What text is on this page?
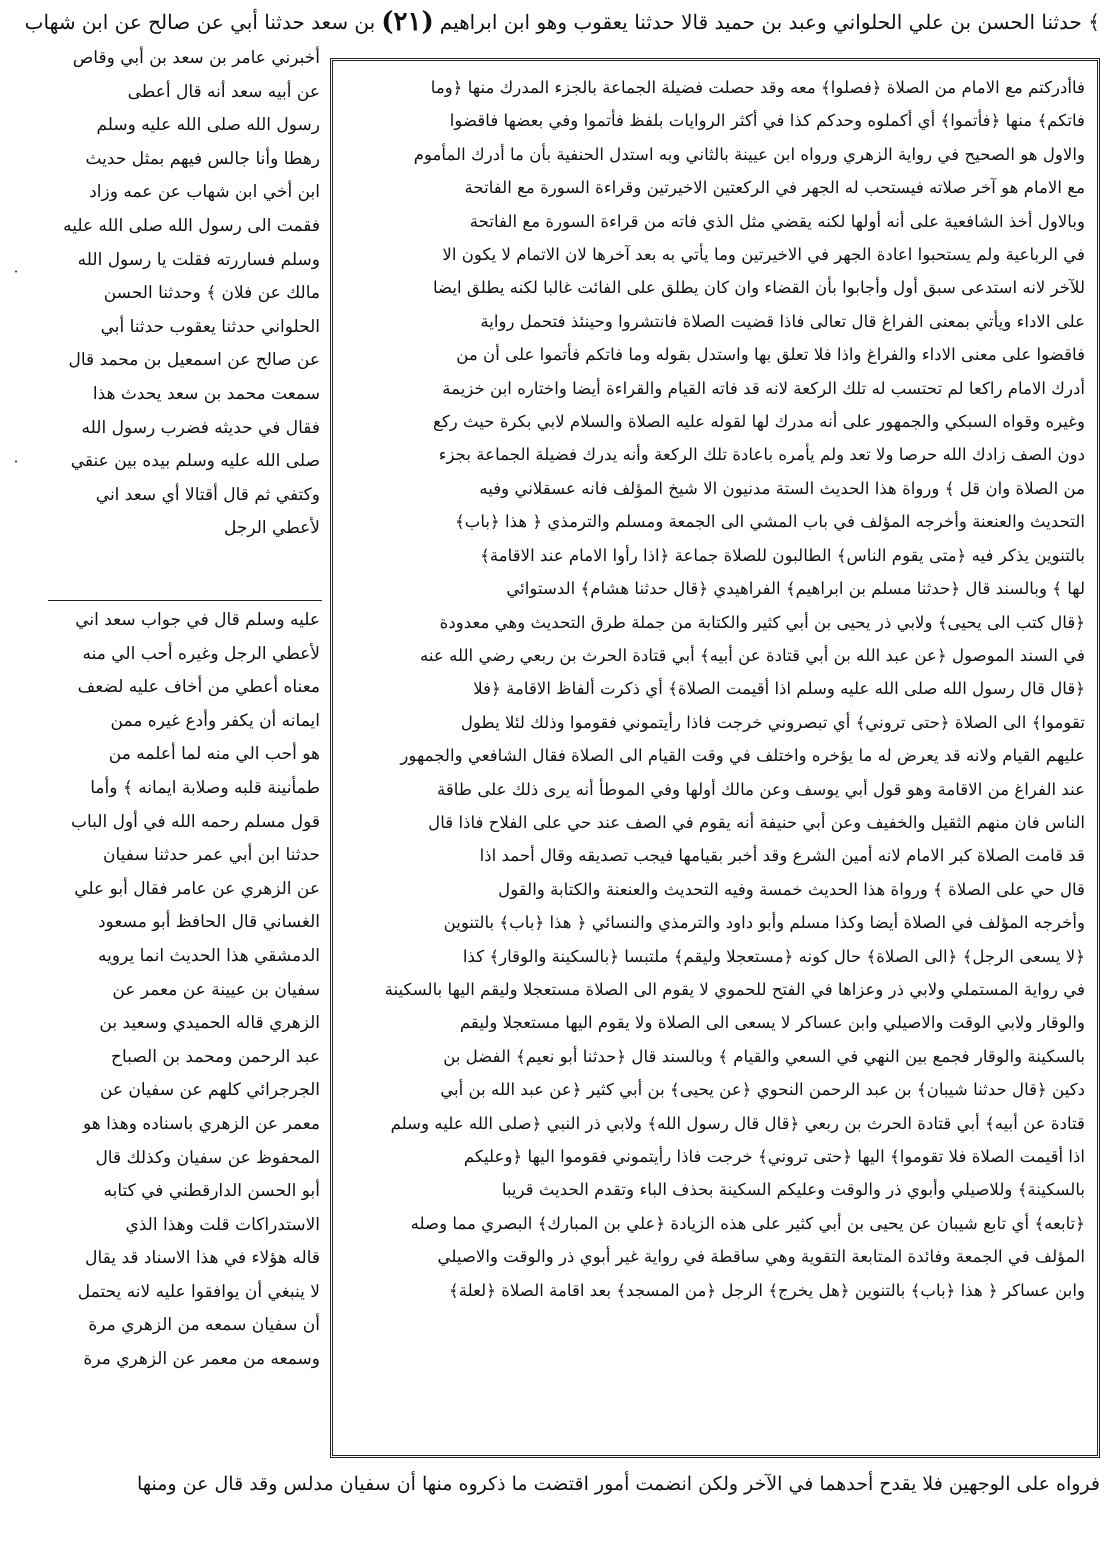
﴾ حدثنا الحسن بن علي الحلواني وعبد بن حميد قالا حدثنا يعقوب وهو ابن ابراهيم
(٢١)
بن سعد حدثنا أبي عن صالح عن ابن شهاب

أخبرني عامر بن سعد بن أبي وقاص

عن أبيه سعد أنه قال أعطى

رسول الله صلى الله عليه وسلم

رهطا وأنا جالس فيهم بمثل حديث

ابن أخي ابن شهاب عن عمه وزاد

فقمت الى رسول الله صلى الله عليه

وسلم فساررته فقلت يا رسول الله

مالك عن فلان ﴾ وحدثنا الحسن

الحلواني حدثنا يعقوب حدثنا أبي

عن صالح عن اسمعيل بن محمد قال

سمعت محمد بن سعد يحدث هذا

فقال في حديثه فضرب رسول الله

صلى الله عليه وسلم بيده بين عنقي

وكتفي ثم قال أقتالا أي سعد اني

لأعطي الرجل

عليه وسلم قال في جواب سعد اني

لأعطي الرجل وغيره أحب الي منه

معناه أعطي من أخاف عليه لضعف

ايمانه أن يكفر وأدع غيره ممن

هو أحب الي منه لما أعلمه من

طمأنينة قلبه وصلابة ايمانه ﴾ وأما

قول مسلم رحمه الله في أول الباب

حدثنا ابن أبي عمر حدثنا سفيان

عن الزهري عن عامر فقال أبو علي

الغساني قال الحافظ أبو مسعود

الدمشقي هذا الحديث انما يرويه

سفيان بن عيينة عن معمر عن

الزهري قاله الحميدي وسعيد بن

عبد الرحمن ومحمد بن الصباح

الجرجرائي كلهم عن سفيان عن

معمر عن الزهري باسناده وهذا هو

المحفوظ عن سفيان وكذلك قال

أبو الحسن الدارقطني في كتابه

الاستدراكات قلت وهذا الذي

قاله هؤلاء في هذا الاسناد قد يقال

لا ينبغي أن يوافقوا عليه لانه يحتمل

أن سفيان سمعه من الزهري مرة

وسمعه من معمر عن الزهري مرة

فاأدركتم مع الامام من الصلاة ﴿فصلوا﴾ معه وقد حصلت فضيلة الجماعة بالجزء المدرك منها ﴿وما

فاتكم﴾ منها ﴿فأتموا﴾ أي أكملوه وحدكم كذا في أكثر الروايات بلفظ فأتموا وفي بعضها فاقضوا

والاول هو الصحيح في رواية الزهري ورواه ابن عيينة بالثاني وبه استدل الحنفية بأن ما أدرك المأموم

مع الامام هو آخر صلاته فيستحب له الجهر في الركعتين الاخيرتين وقراءة السورة مع الفاتحة

وبالاول أخذ الشافعية على أنه أولها لكنه يقضي مثل الذي فاته من قراءة السورة مع الفاتحة

في الرباعية ولم يستحبوا اعادة الجهر في الاخيرتين وما يأتي به بعد آخرها لان الاتمام لا يكون الا

للآخر لانه استدعى سبق أول وأجابوا بأن القضاء وان كان يطلق على الفائت غالبا لكنه يطلق ايضا

على الاداء ويأتي بمعنى الفراغ قال تعالى فاذا قضيت الصلاة فانتشروا وحينئذ فتحمل رواية

فاقضوا على معنى الاداء والفراغ واذا فلا تعلق بها واستدل بقوله وما فاتكم فأتموا على أن من

أدرك الامام راكعا لم تحتسب له تلك الركعة لانه قد فاته القيام والقراءة أيضا واختاره ابن خزيمة

وغيره وقواه السبكي والجمهور على أنه مدرك لها لقوله عليه الصلاة والسلام لابي بكرة حيث ركع

دون الصف زادك الله حرصا ولا تعد ولم يأمره باعادة تلك الركعة وأنه يدرك فضيلة الجماعة بجزء

من الصلاة وان قل ﴾ ورواة هذا الحديث الستة مدنيون الا شيخ المؤلف فانه عسقلاني وفيه

التحديث والعنعنة وأخرجه المؤلف في باب المشي الى الجمعة ومسلم والترمذي ﴿ هذا ﴿باب﴾

بالتنوين يذكر فيه ﴿متى يقوم الناس﴾ الطالبون للصلاة جماعة ﴿اذا رأوا الامام عند الاقامة﴾

لها ﴾ وبالسند قال ﴿حدثنا مسلم بن ابراهيم﴾ الفراهيدي ﴿قال حدثنا هشام﴾ الدستوائي

﴿قال كتب الى يحيى﴾ ولابي ذر يحيى بن أبي كثير والكتابة من جملة طرق التحديث وهي معدودة

في السند الموصول ﴿عن عبد الله بن أبي قتادة عن أبيه﴾ أبي قتادة الحرث بن ربعي رضي الله عنه

﴿قال قال رسول الله صلى الله عليه وسلم اذا أقيمت الصلاة﴾ أي ذكرت ألفاظ الاقامة ﴿فلا

تقوموا﴾ الى الصلاة ﴿حتى تروني﴾ أي تبصروني خرجت فاذا رأيتموني فقوموا وذلك لئلا يطول

عليهم القيام ولانه قد يعرض له ما يؤخره واختلف في وقت القيام الى الصلاة فقال الشافعي والجمهور

عند الفراغ من الاقامة وهو قول أبي يوسف وعن مالك أولها وفي الموطأ أنه يرى ذلك على طاقة

الناس فان منهم الثقيل والخفيف وعن أبي حنيفة أنه يقوم في الصف عند حي على الفلاح فاذا قال

قد قامت الصلاة كبر الامام لانه أمين الشرع وقد أخبر بقيامها فيجب تصديقه وقال أحمد اذا

قال حي على الصلاة ﴾ ورواة هذا الحديث خمسة وفيه التحديث والعنعنة والكتابة والقول

وأخرجه المؤلف في الصلاة أيضا وكذا مسلم وأبو داود والترمذي والنسائي ﴿ هذا ﴿باب﴾ بالتنوين

﴿لا يسعى الرجل﴾ ﴿الى الصلاة﴾ حال كونه ﴿مستعجلا وليقم﴾ ملتبسا ﴿بالسكينة والوقار﴾ كذا

في رواية المستملي ولابي ذر وعزاها في الفتح للحموي لا يقوم الى الصلاة مستعجلا وليقم اليها بالسكينة

والوقار ولابي الوقت والاصيلي وابن عساكر لا يسعى الى الصلاة ولا يقوم اليها مستعجلا وليقم

بالسكينة والوقار فجمع بين النهي في السعي والقيام ﴾ وبالسند قال ﴿حدثنا أبو نعيم﴾ الفضل بن

دكين ﴿قال حدثنا شيبان﴾ بن عبد الرحمن النحوي ﴿عن يحيى﴾ بن أبي كثير ﴿عن عبد الله بن أبي

قتادة عن أبيه﴾ أبي قتادة الحرث بن ربعي ﴿قال قال رسول الله﴾ ولابي ذر النبي ﴿صلى الله عليه وسلم

اذا أقيمت الصلاة فلا تقوموا﴾ اليها ﴿حتى تروني﴾ خرجت فاذا رأيتموني فقوموا اليها ﴿وعليكم

بالسكينة﴾ وللاصيلي وأبوي ذر والوقت وعليكم السكينة بحذف الباء وتقدم الحديث قريبا

﴿تابعه﴾ أي تابع شيبان عن يحيى بن أبي كثير على هذه الزيادة ﴿علي بن المبارك﴾ البصري مما وصله

المؤلف في الجمعة وفائدة المتابعة التقوية وهي ساقطة في رواية غير أبوي ذر والوقت والاصيلي

وابن عساكر ﴿ هذا ﴿باب﴾ بالتنوين ﴿هل يخرج﴾ الرجل ﴿من المسجد﴾ بعد اقامة الصلاة ﴿لعلة﴾

فرواه على الوجهين فلا يقدح أحدهما في الآخر ولكن انضمت أمور اقتضت ما ذكروه منها أن سفيان مدلس وقد قال عن ومنها
·
·
